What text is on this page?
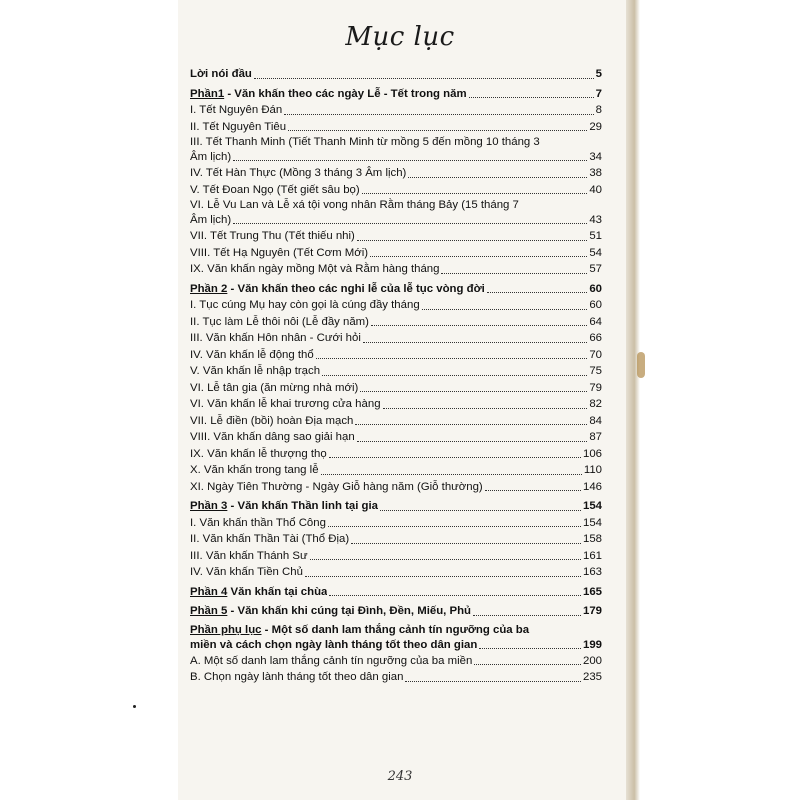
Mục lục
Lời nói đầu	5
Phần1 - Văn khấn theo các ngày Lễ - Tết trong năm	7
I. Tết Nguyên Đán	8
II. Tết Nguyên Tiêu	29
III. Tết Thanh Minh (Tiết Thanh Minh từ mồng 5 đến mồng 10 tháng 3
Âm lịch)	34
IV. Tết Hàn Thực (Mồng 3 tháng 3 Âm lịch)	38
V. Tết Đoan Ngọ (Tết giết sâu bọ)	40
VI. Lễ Vu Lan và Lễ xá tội vong nhân Rằm tháng Bảy (15 tháng 7
Âm lịch)	43
VII. Tết Trung Thu (Tết thiếu nhi)	51
VIII. Tết Hạ Nguyên (Tết Cơm Mới)	54
IX. Văn khấn ngày mồng Một và Rằm hàng tháng	57
Phần 2 - Văn khấn theo các nghi lễ của lễ tục vòng đời	60
I. Tục cúng Mụ hay còn gọi là cúng đầy tháng	60
II. Tục làm Lễ thôi nôi (Lễ đầy năm)	64
III. Văn khấn Hôn nhân - Cưới hỏi	66
IV. Văn khấn lễ động thổ	70
V. Văn khấn lễ nhập trạch	75
VI. Lễ tân gia (ăn mừng nhà mới)	79
VI. Văn khấn lễ khai trương cửa hàng	82
VII. Lễ điền (bồi) hoàn Địa mạch	84
VIII. Văn khấn dâng sao giải hạn	87
IX. Văn khấn lễ thượng thọ	106
X. Văn khấn trong tang lễ	110
XI. Ngày Tiên Thường - Ngày Giỗ hàng năm (Giỗ thường)	146
Phần 3 - Văn khấn Thần linh tại gia	154
I. Văn khấn thần Thổ Công	154
II. Văn khấn Thần Tài (Thổ Địa)	158
III. Văn khấn Thánh Sư	161
IV. Văn khấn Tiền Chủ	163
Phần 4 Văn khấn tại chùa	165
Phần 5 - Văn khấn khi cúng tại Đình, Đền, Miếu, Phủ	179
Phần phụ lục - Một số danh lam thắng cảnh tín ngưỡng của ba
miền và cách chọn ngày lành tháng tốt theo dân gian	199
A. Một số danh lam thắng cảnh tín ngưỡng của ba miền	200
B. Chọn ngày lành tháng tốt theo dân gian	235
243
